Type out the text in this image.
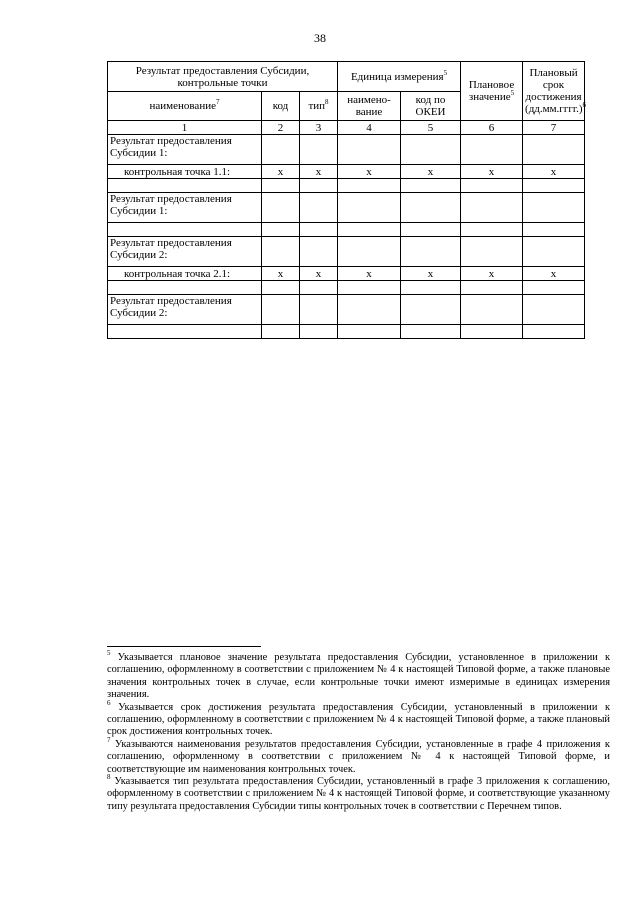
38
Результат предоставления Субсидии, контрольные точки			Единица измерения$^5$		Плановое значение$^5$	Плановый срок достижения
(дд.мм.гггг.)$^6$
наименование$^7$	код	тип$^8$	наимено-вание	код по ОКЕИ		
1	2	3	4	5	6	7
Результат предоставления Субсидии 1:						
контрольная точка 1.1:	x	x	x	x	x	x

Результат предоставления Субсидии 1:						

Результат предоставления Субсидии 2:						
контрольная точка 2.1:	x	x	x	x	x	x

Результат предоставления Субсидии 2:						

$^5$ Указывается плановое значение результата предоставления Субсидии, установленное в приложении к соглашению, оформленному в соответствии с приложением № 4 к настоящей Типовой форме, а также плановые значения контрольных точек в случае, если контрольные точки имеют измеримые в единицах измерения значения.

$^6$ Указывается срок достижения результата предоставления Субсидии, установленный в приложении к соглашению, оформленному в соответствии с приложением № 4 к настоящей Типовой форме, а также плановый срок достижения контрольных точек.

$^7$ Указываются наименования результатов предоставления Субсидии, установленные в графе 4 приложения к соглашению, оформленному в соответствии с приложением № 4 к настоящей Типовой форме, и соответствующие им наименования контрольных точек.

$^8$ Указывается тип результата предоставления Субсидии, установленный в графе 3 приложения к соглашению, оформленному в соответствии с приложением № 4 к настоящей Типовой форме, и соответствующие указанному типу результата предоставления Субсидии типы контрольных точек в соответствии с Перечнем типов.
